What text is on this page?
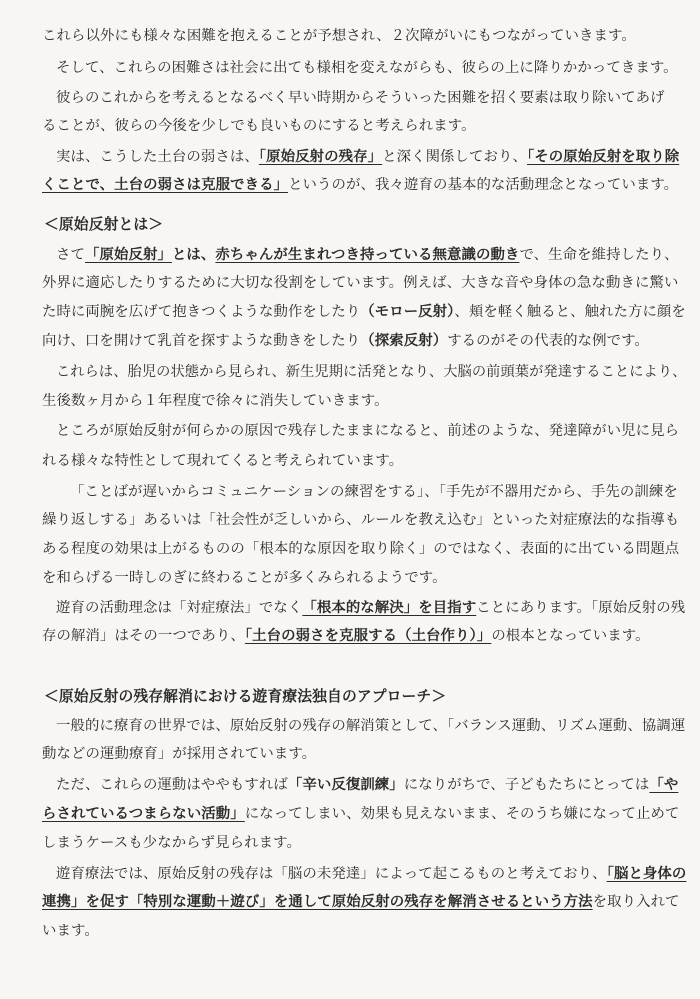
これら以外にも様々な困難を抱えることが予想され、２次障がいにもつながっていきます。
そして、これらの困難さは社会に出ても様相を変えながらも、彼らの上に降りかかってきます。
彼らのこれからを考えるとなるべく早い時期からそういった困難を招く要素は取り除いてあげ
ることが、彼らの今後を少しでも良いものにすると考えられます。
実は、こうした土台の弱さは、「原始反射の残存」と深く関係しており、「その原始反射を取り除
くことで、土台の弱さは克服できる」というのが、我々遊育の基本的な活動理念となっています。
＜原始反射とは＞
さて「原始反射」とは、赤ちゃんが生まれつき持っている無意識の動きで、生命を維持したり、
外界に適応したりするために大切な役割をしています。例えば、大きな音や身体の急な動きに驚い
た時に両腕を広げて抱きつくような動作をしたり（モロー反射）、頬を軽く触ると、触れた方に顔を
向け、口を開けて乳首を探すような動きをしたり（探索反射）するのがその代表的な例です。
これらは、胎児の状態から見られ、新生児期に活発となり、大脳の前頭葉が発達することにより、
生後数ヶ月から１年程度で徐々に消失していきます。
ところが原始反射が何らかの原因で残存したままになると、前述のような、発達障がい児に見ら
れる様々な特性として現れてくると考えられています。
「ことばが遅いからコミュニケーションの練習をする」、「手先が不器用だから、手先の訓練を
繰り返しする」あるいは「社会性が乏しいから、ルールを教え込む」といった対症療法的な指導も
ある程度の効果は上がるものの「根本的な原因を取り除く」のではなく、表面的に出ている問題点
を和らげる一時しのぎに終わることが多くみられるようです。
遊育の活動理念は「対症療法」でなく「根本的な解決」を目指すことにあります。「原始反射の残
存の解消」はその一つであり、「土台の弱さを克服する（土台作り）」の根本となっています。
＜原始反射の残存解消における遊育療法独自のアプローチ＞
一般的に療育の世界では、原始反射の残存の解消策として、「バランス運動、リズム運動、協調運
動などの運動療育」が採用されています。
ただ、これらの運動はややもすれば「辛い反復訓練」になりがちで、子どもたちにとっては「や
らされているつまらない活動」になってしまい、効果も見えないまま、そのうち嫌になって止めて
しまうケースも少なからず見られます。
遊育療法では、原始反射の残存は「脳の未発達」によって起こるものと考えており、「脳と身体の
連携」を促す「特別な運動＋遊び」を通して原始反射の残存を解消させるという方法を取り入れて
います。
